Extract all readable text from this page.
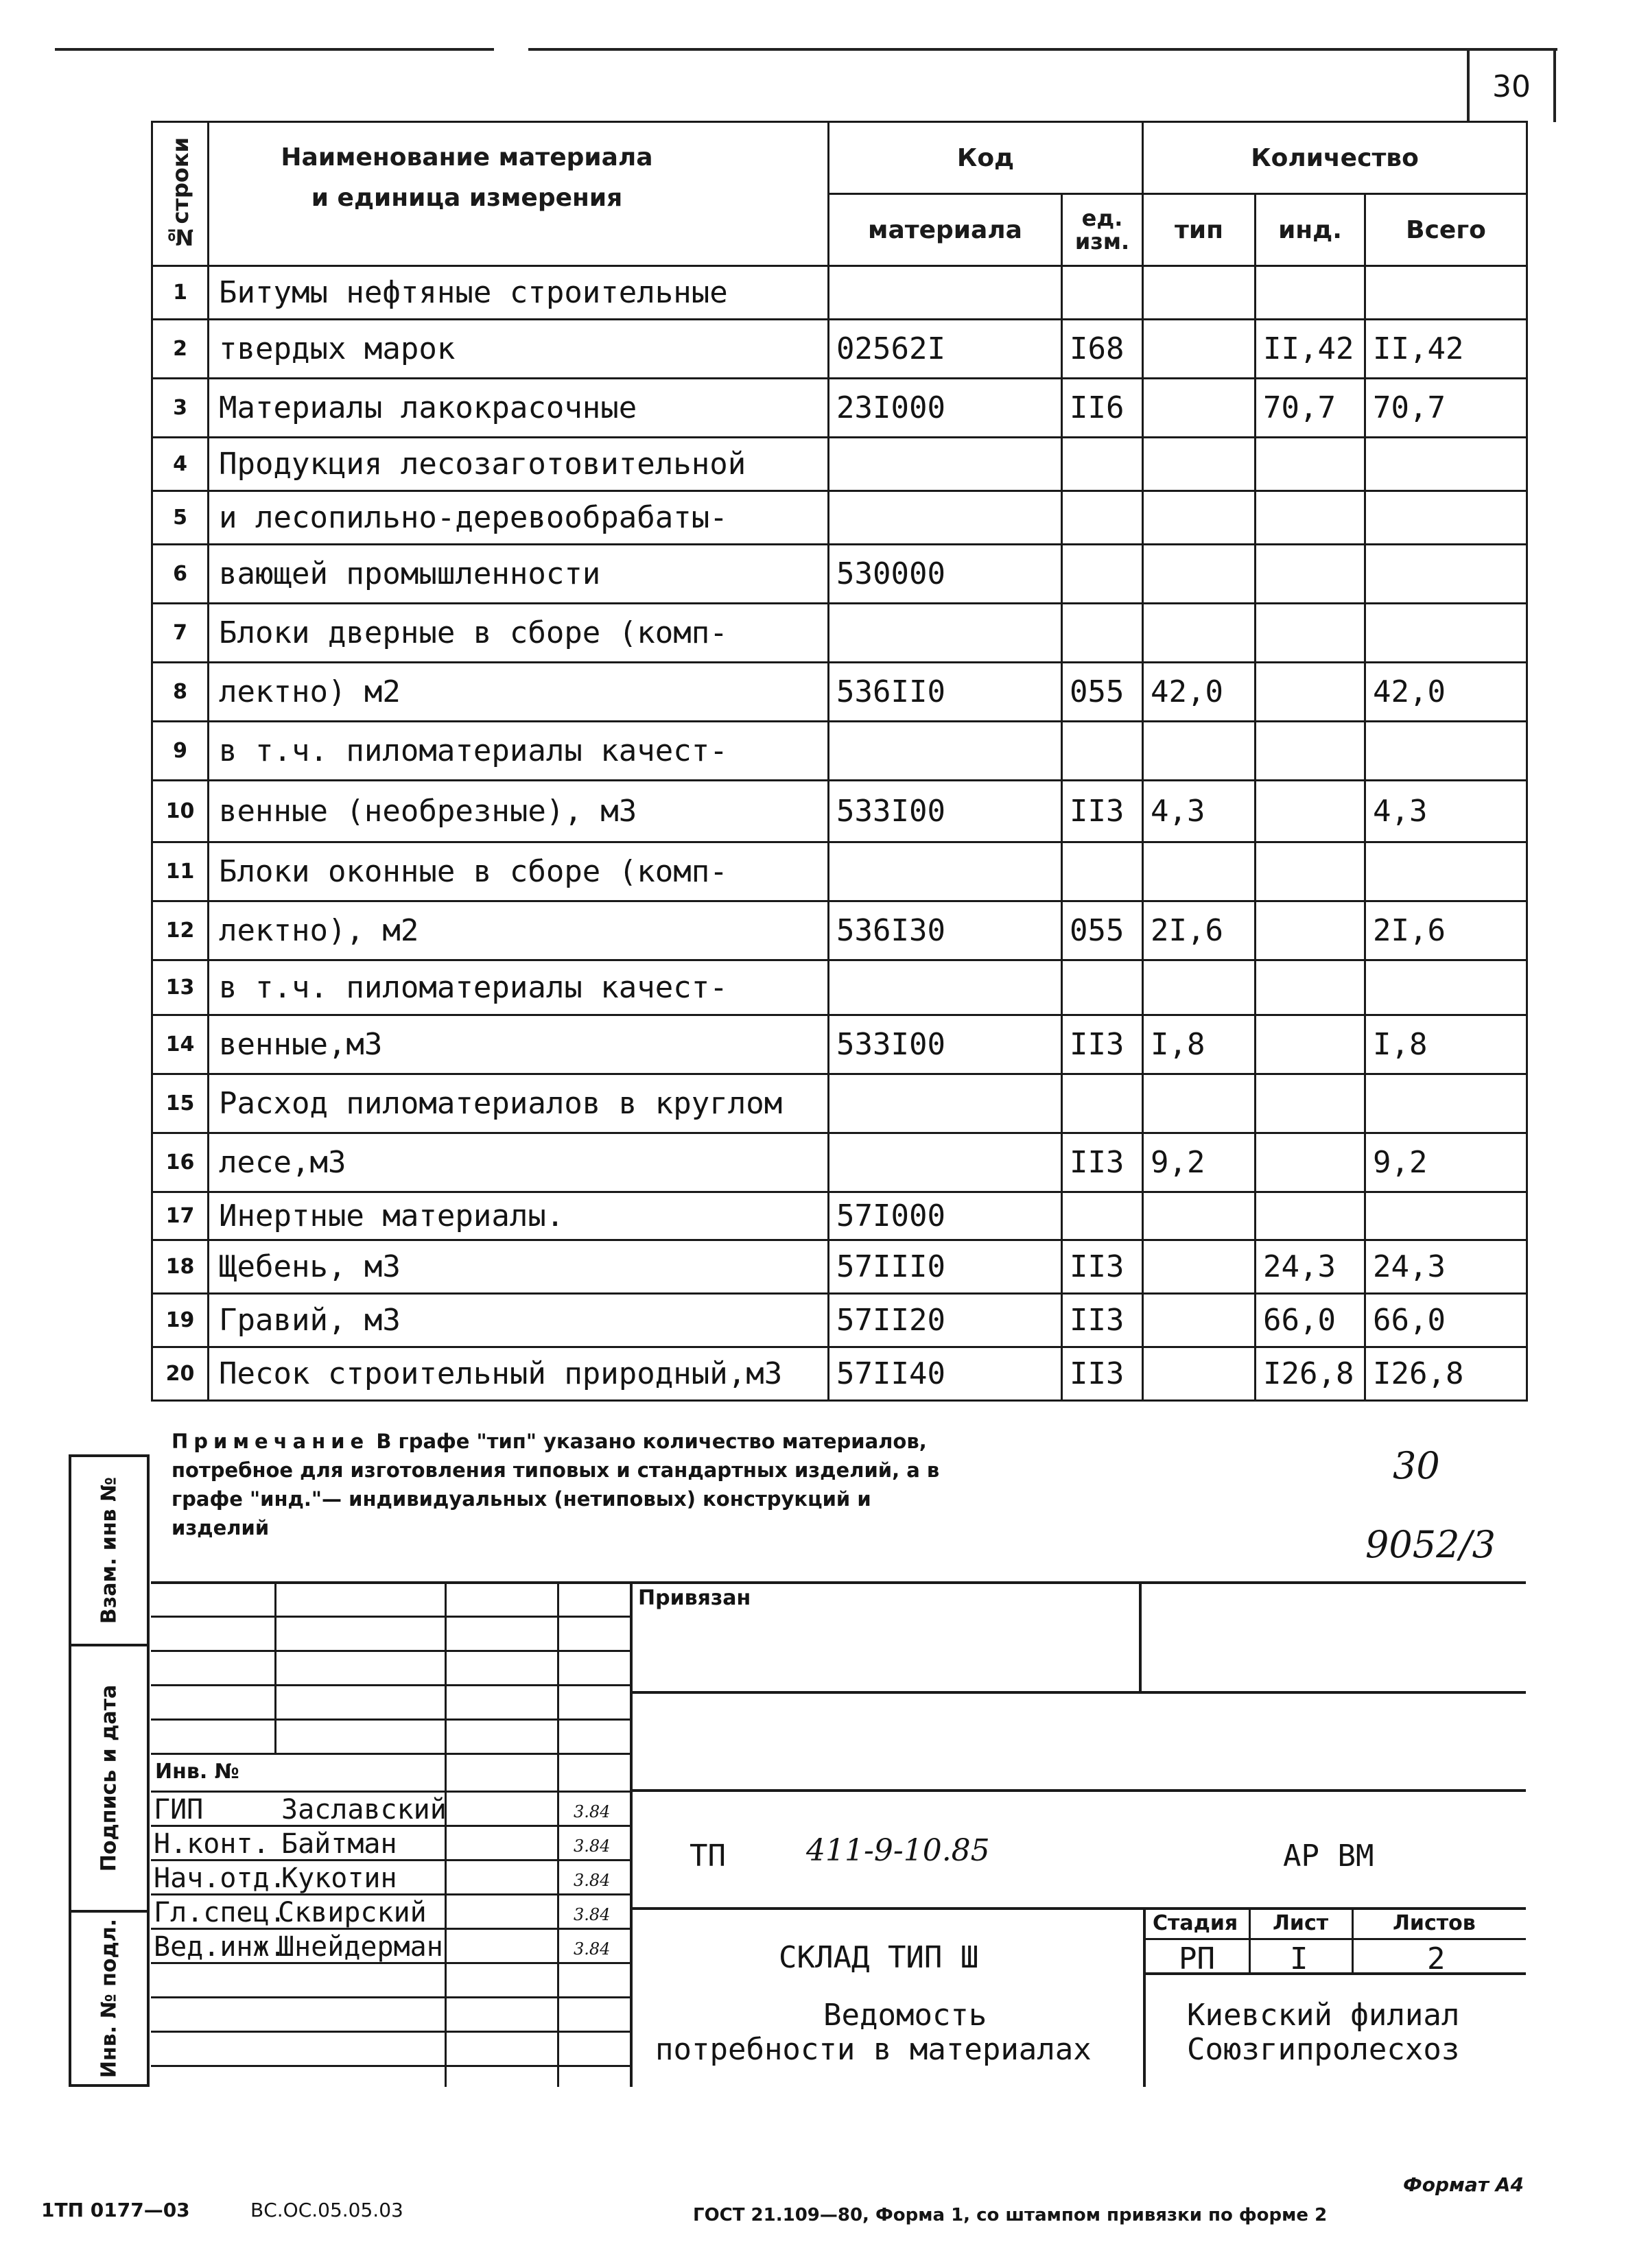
30
№строки	Наименование материала
и единица измерения	Код		Количество		
		материала	ед. изм.	тип	инд.	Всего
1	Битумы нефтяные строительные					
2	твердых марок	02562I	I68		II,42	II,42
3	Материалы лакокрасочные	23I000	II6		70,7	70,7
4	Продукция лесозаготовительной					
5	и лесопильно-деревообрабаты-					
6	вающей промышленности	530000				
7	Блоки дверные в сборе (комп-					
8	лектно) м2	536II0	055	42,0		42,0
9	в т.ч. пиломатериалы качест-					
10	венные (необрезные), м3	533I00	II3	4,3		4,3
11	Блоки оконные в сборе (комп-					
12	лектно), м2	536I30	055	2I,6		2I,6
13	в т.ч. пиломатериалы качест-					
14	венные,м3	533I00	II3	I,8		I,8
15	Расход пиломатериалов в круглом					
16	лесе,м3		II3	9,2		9,2
17	Инертные материалы.	57I000				
18	Щебень, м3	57III0	II3		24,3	24,3
19	Гравий, м3	57II20	II3		66,0	66,0
20	Песок строительный природный,м3	57II40	II3		I26,8	I26,8
Примечание В графе "тип" указано количество материалов, потребное для изготовления типовых и стандартных изделий, а в графе "инд."— индивидуальных (нетиповых) конструкций и изделий
30
9052/3
Взам. инв №
Подпись и дата
Инв. № подл.
Привязан
Инв. №
ГИП	Заславский	3.84
Н.конт. Байтман	3.84
Нач.отд.
Кукотин	3.84
Гл.спец.
Сквирский	3.84
Вед.инж.
Шнейдерман	3.84
ТП	411-9-10.85	АР ВМ
СКЛАД ТИП Ш
Ведомость
потребности в материалах
Стадия Лист	Листов
РП I	2
Киевский филиал
Союзгипролесхоз
1ТП 0177—03	ВС.ОС.05.05.03
Формат А4
ГОСТ 21.109—80, Форма 1, со штампом привязки по форме 2
